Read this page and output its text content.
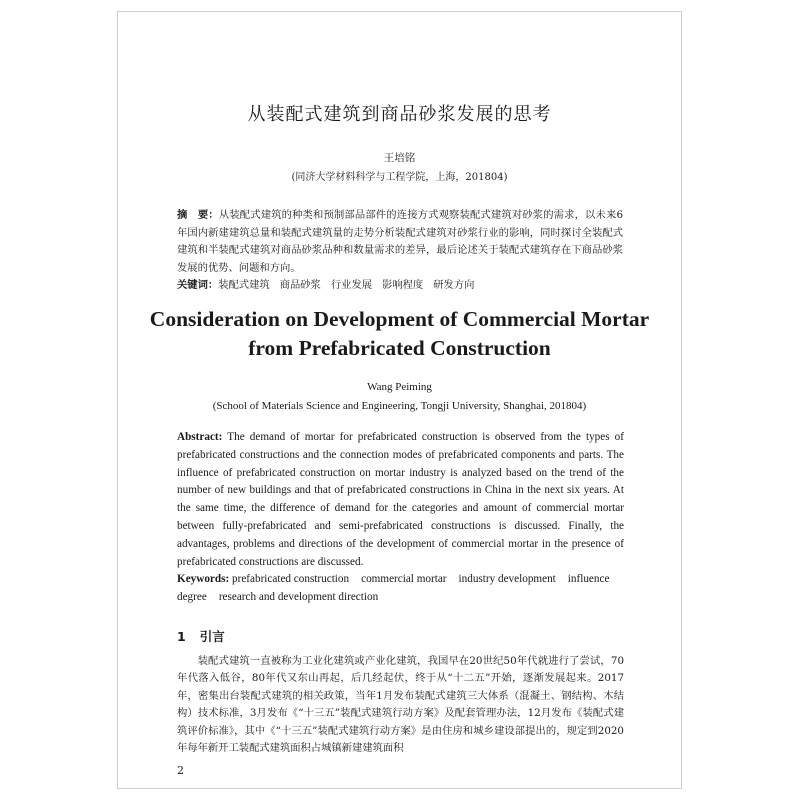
从装配式建筑到商品砂浆发展的思考
王培铭
(同济大学材料科学与工程学院，上海，201804)
摘　要：从装配式建筑的种类和预制部品部件的连接方式观察装配式建筑对砂浆的需求，以未来6年国内新建建筑总量和装配式建筑量的走势分析装配式建筑对砂浆行业的影响，同时探讨全装配式建筑和半装配式建筑对商品砂浆品种和数量需求的差异，最后论述关于装配式建筑存在下商品砂浆发展的优势、问题和方向。
关键词：装配式建筑 商品砂浆 行业发展 影响程度 研发方向
Consideration on Development of Commercial Mortar
from Prefabricated Construction
Wang Peiming
(School of Materials Science and Engineering, Tongji University, Shanghai, 201804)
Abstract: The demand of mortar for prefabricated construction is observed from the types of prefabricated constructions and the connection modes of prefabricated components and parts. The influence of prefabricated construction on mortar industry is analyzed based on the trend of the number of new buildings and that of prefabricated constructions in China in the next six years. At the same time, the difference of demand for the categories and amount of commercial mortar between fully-prefabricated and semi-prefabricated constructions is discussed. Finally, the advantages, problems and directions of the development of commercial mortar in the presence of prefabricated constructions are discussed.
Keywords: prefabricated construction commercial mortar industry development influence degree research and development direction
1 引言
装配式建筑一直被称为工业化建筑或产业化建筑，我国早在20世纪50年代就进行了尝试，70年代落入低谷，80年代又东山再起，后几经起伏，终于从“十二五”开始，逐渐发展起来。2017年，密集出台装配式建筑的相关政策，当年1月发布装配式建筑三大体系（混凝土、钢结构、木结构）技术标准，3月发布《“十三五”装配式建筑行动方案》及配套管理办法，12月发布《装配式建筑评价标准》，其中《“十三五”装配式建筑行动方案》是由住房和城乡建设部提出的，规定到2020年每年新开工装配式建筑面积占城镇新建建筑面积
2
